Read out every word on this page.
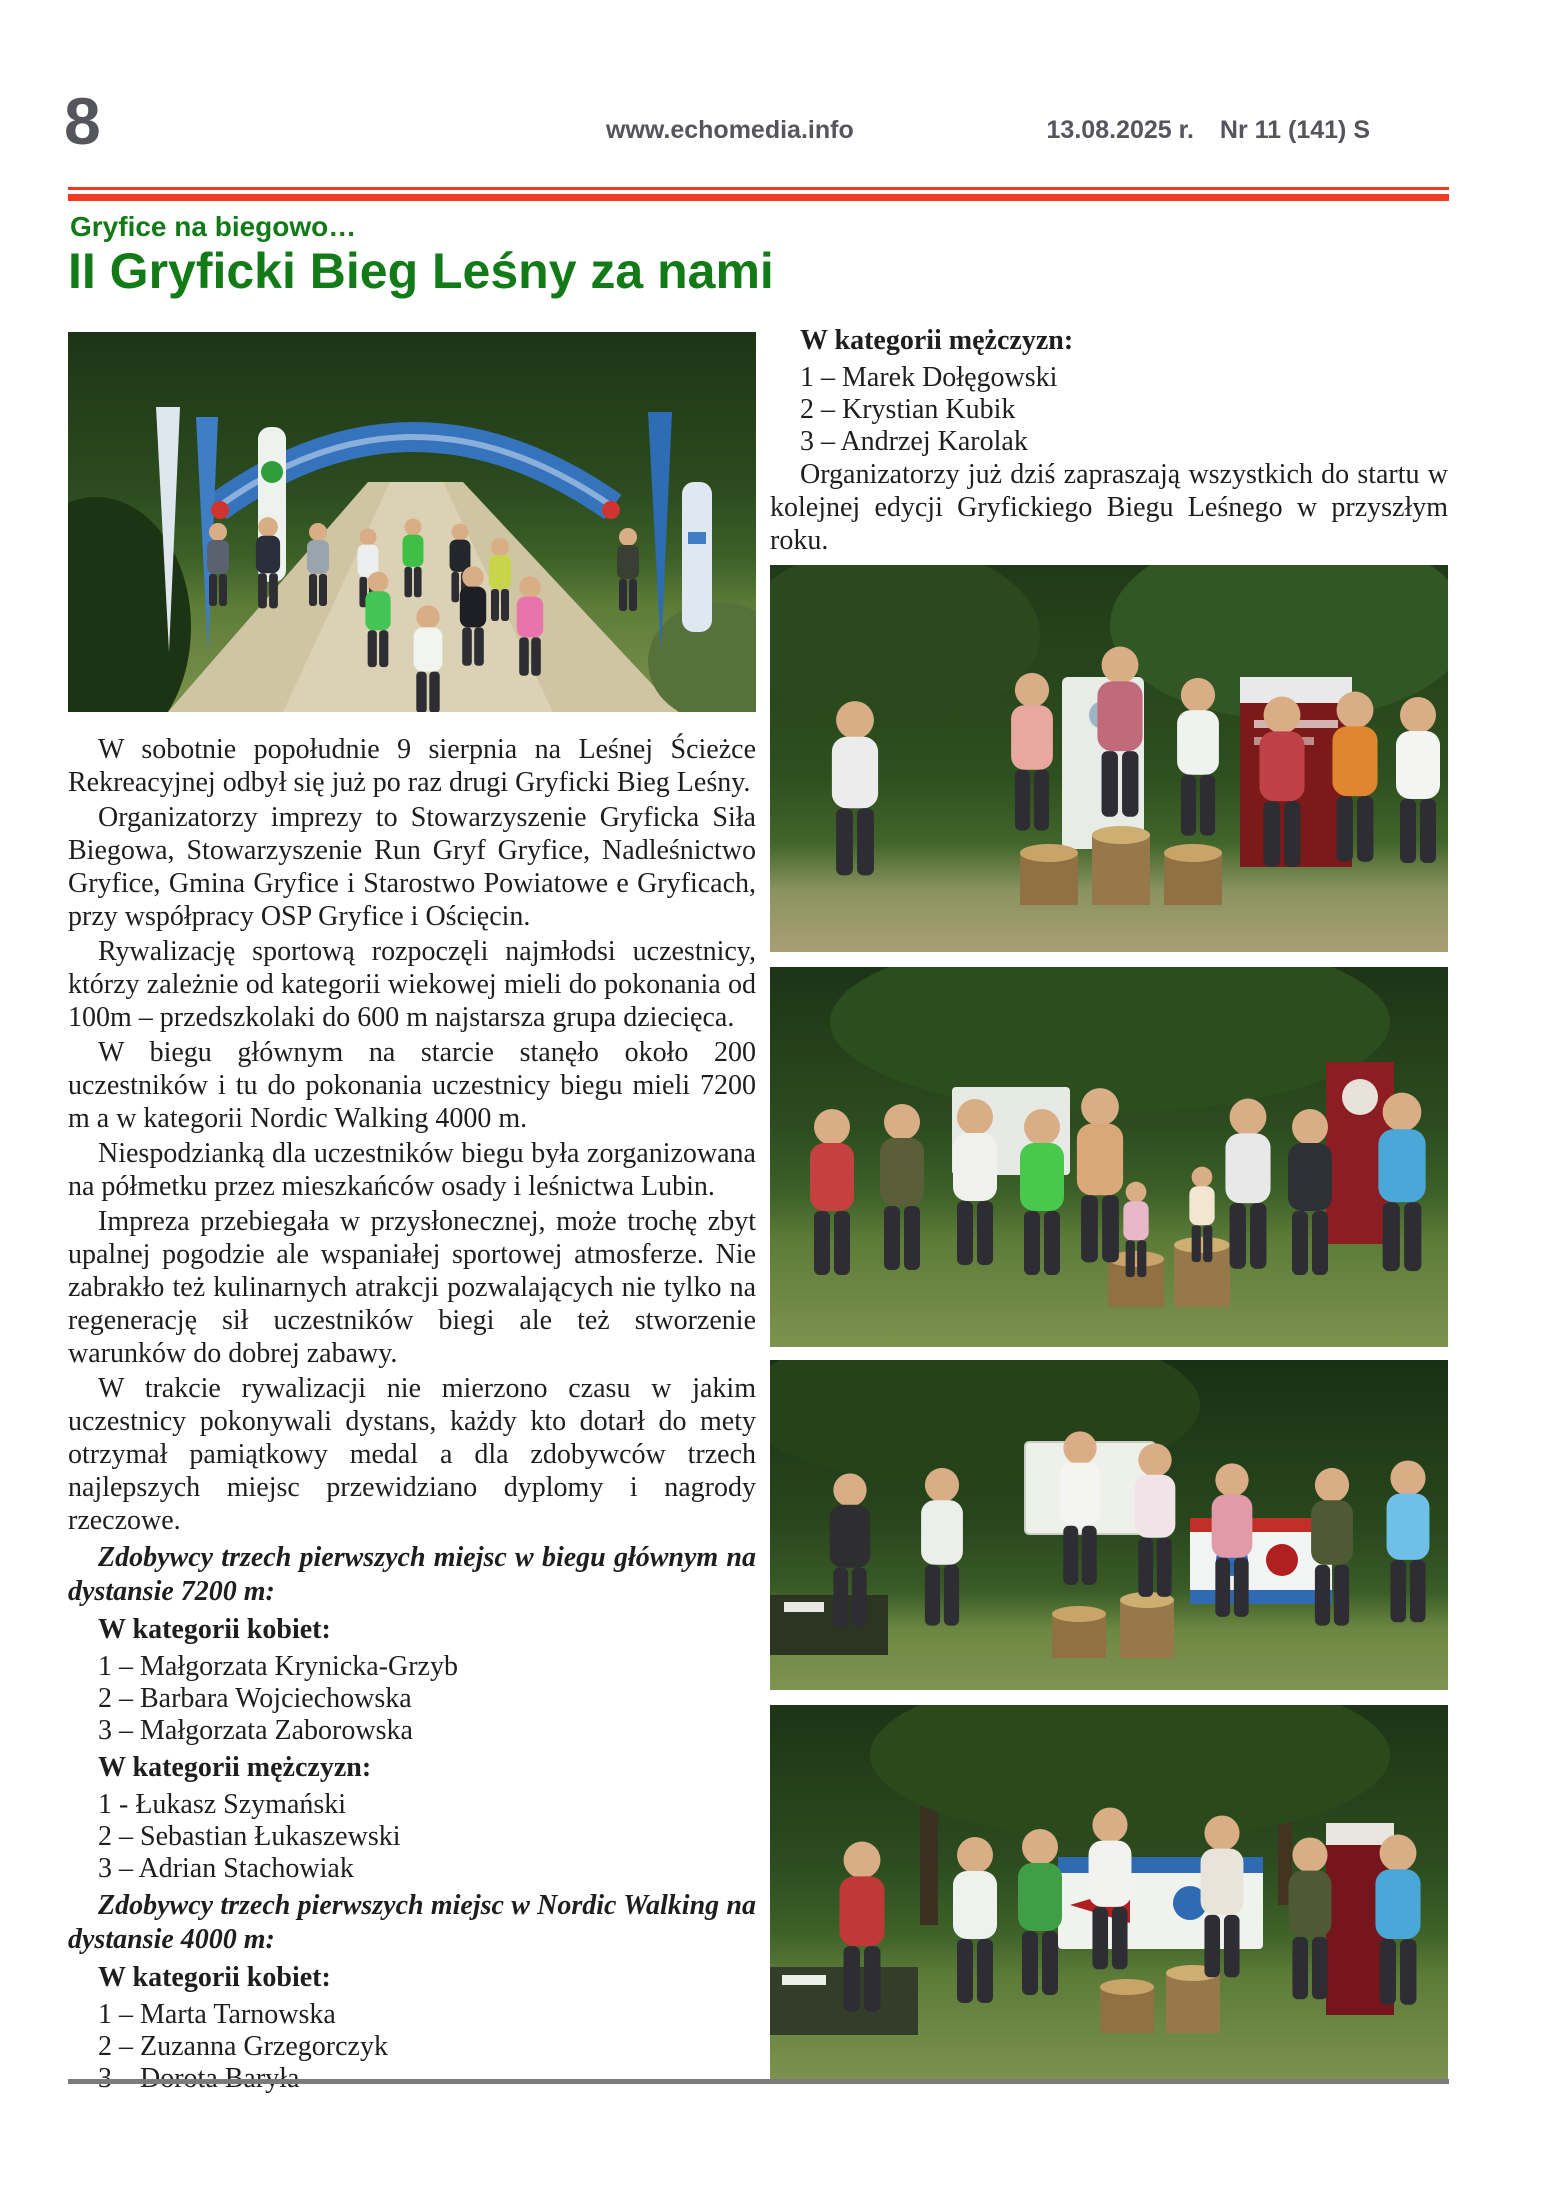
8	www.echomedia.info	13.08.2025 r. Nr 11 (141) S
Gryfice na biegowo…
II Gryficki Bieg Leśny za nami

W sobotnie popołudnie 9 sierpnia na Leśnej Ścieżce Rekreacyjnej odbył się już po raz drugi Gryficki Bieg Leśny.

Organizatorzy imprezy to Stowarzyszenie Gryficka Siła Biegowa, Stowarzyszenie Run Gryf Gryfice, Nadleśnictwo Gryfice, Gmina Gryfice i Starostwo Powiatowe e Gryficach, przy współpracy OSP Gryfice i Ościęcin.

Rywalizację sportową rozpoczęli najmłodsi uczestnicy, którzy zależnie od kategorii wiekowej mieli do pokonania od 100m – przedszkolaki do 600 m najstarsza grupa dziecięca.

W biegu głównym na starcie stanęło około 200 uczestników i tu do pokonania uczestnicy biegu mieli 7200 m a w kategorii Nordic Walking 4000 m.

Niespodzianką dla uczestników biegu była zorganizowana na półmetku przez mieszkańców osady i leśnictwa Lubin.

Impreza przebiegała w przysłonecznej, może trochę zbyt upalnej pogodzie ale wspaniałej sportowej atmosferze. Nie zabrakło też kulinarnych atrakcji pozwalających nie tylko na regenerację sił uczestników biegi ale też stworzenie warunków do dobrej zabawy.

W trakcie rywalizacji nie mierzono czasu w jakim uczestnicy pokonywali dystans, każdy kto dotarł do mety otrzymał pamiątkowy medal a dla zdobywców trzech najlepszych miejsc przewidziano dyplomy i nagrody rzeczowe.

Zdobywcy trzech pierwszych miejsc w biegu głównym na dystansie 7200 m:

W kategorii kobiet:

1 – Małgorzata Krynicka-Grzyb

2 – Barbara Wojciechowska

3 – Małgorzata Zaborowska

W kategorii mężczyzn:

1 - Łukasz Szymański

2 – Sebastian Łukaszewski

3 – Adrian Stachowiak

Zdobywcy trzech pierwszych miejsc w Nordic Walking na dystansie 4000 m:

W kategorii kobiet:

1 – Marta Tarnowska

2 – Zuzanna Grzegorczyk

W kategorii mężczyzn:

1 – Marek Dołęgowski

2 – Krystian Kubik

3 – Andrzej Karolak

Organizatorzy już dziś zapraszają wszystkich do startu w kolejnej edycji Gryfickiego Biegu Leśnego w przyszłym roku.
